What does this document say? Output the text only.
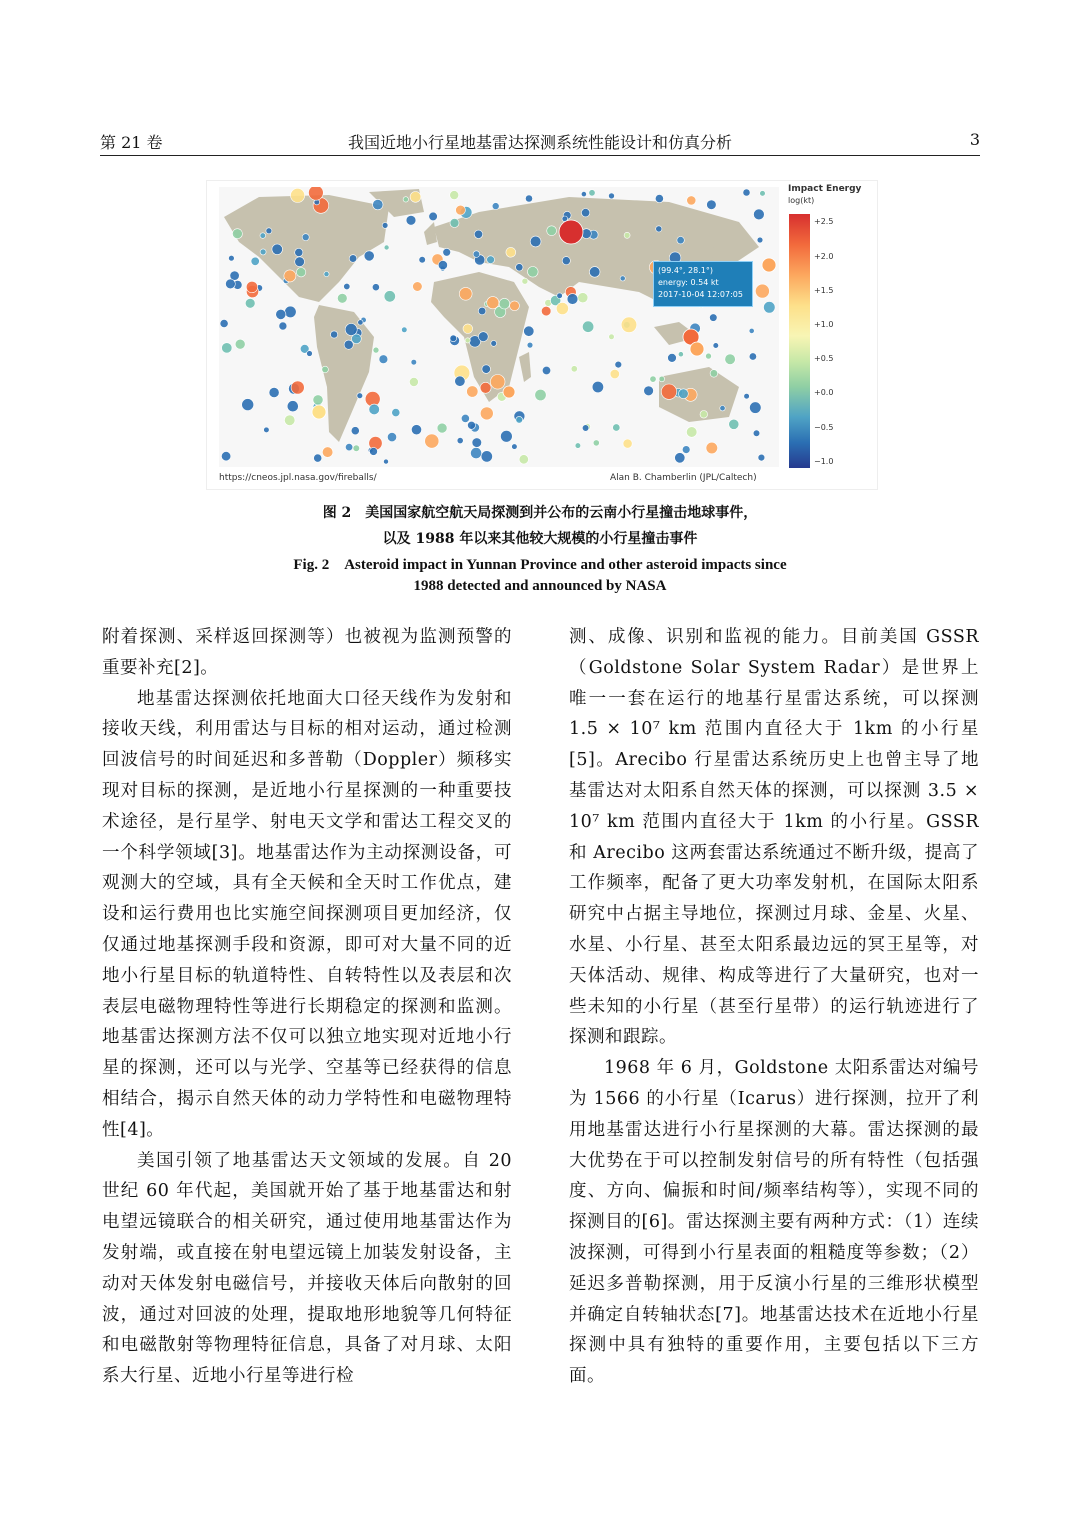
第 21 卷	我国近地小行星地基雷达探测系统性能设计和仿真分析	3
(99.4°, 28.1°)
energy: 0.54 kt
2017-10-04 12:07:05
https://cneos.jpl.nasa.gov/fireballs/	Alan B. Chamberlin (JPL/Caltech)
Impact Energy
log(kt)
+2.5
+2.0
+1.5
+1.0
+0.5
+0.0
−0.5
−1.0
图 2　美国国家航空航天局探测到并公布的云南小行星撞击地球事件，
以及 1988 年以来其他较大规模的小行星撞击事件
Fig. 2　Asteroid impact in Yunnan Province and other asteroid impacts since
1988 detected and announced by NASA

附着探测、采样返回探测等）也被视为监测预警的重要补充[2]。

地基雷达探测依托地面大口径天线作为发射和接收天线，利用雷达与目标的相对运动，通过检测回波信号的时间延迟和多普勒（Doppler）频移实现对目标的探测，是近地小行星探测的一种重要技术途径，是行星学、射电天文学和雷达工程交叉的一个科学领域[3]。地基雷达作为主动探测设备，可观测大的空域，具有全天候和全天时工作优点，建设和运行费用也比实施空间探测项目更加经济，仅仅通过地基探测手段和资源，即可对大量不同的近地小行星目标的轨道特性、自转特性以及表层和次表层电磁物理特性等进行长期稳定的探测和监测。地基雷达探测方法不仅可以独立地实现对近地小行星的探测，还可以与光学、空基等已经获得的信息相结合，揭示自然天体的动力学特性和电磁物理特性[4]。

美国引领了地基雷达天文领域的发展。自 20 世纪 60 年代起，美国就开始了基于地基雷达和射电望远镜联合的相关研究，通过使用地基雷达作为发射端，或直接在射电望远镜上加装发射设备，主动对天体发射电磁信号，并接收天体后向散射的回波，通过对回波的处理，提取地形地貌等几何特征和电磁散射等物理特征信息，具备了对月球、太阳系大行星、近地小行星等进行检

测、成像、识别和监视的能力。目前美国 GSSR（Goldstone Solar System Radar）是世界上唯一一套在运行的地基行星雷达系统，可以探测 1.5 × 10⁷ km 范围内直径大于 1km 的小行星[5]。Arecibo 行星雷达系统历史上也曾主导了地基雷达对太阳系自然天体的探测，可以探测 3.5 × 10⁷ km 范围内直径大于 1km 的小行星。GSSR 和 Arecibo 这两套雷达系统通过不断升级，提高了工作频率，配备了更大功率发射机，在国际太阳系研究中占据主导地位，探测过月球、金星、火星、水星、小行星、甚至太阳系最边远的冥王星等，对天体活动、规律、构成等进行了大量研究，也对一些未知的小行星（甚至行星带）的运行轨迹进行了探测和跟踪。

1968 年 6 月，Goldstone 太阳系雷达对编号为 1566 的小行星（Icarus）进行探测，拉开了利用地基雷达进行小行星探测的大幕。雷达探测的最大优势在于可以控制发射信号的所有特性（包括强度、方向、偏振和时间/频率结构等），实现不同的探测目的[6]。雷达探测主要有两种方式：（1）连续波探测，可得到小行星表面的粗糙度等参数；（2）延迟多普勒探测，用于反演小行星的三维形状模型并确定自转轴状态[7]。地基雷达技术在近地小行星探测中具有独特的重要作用，主要包括以下三方面。
